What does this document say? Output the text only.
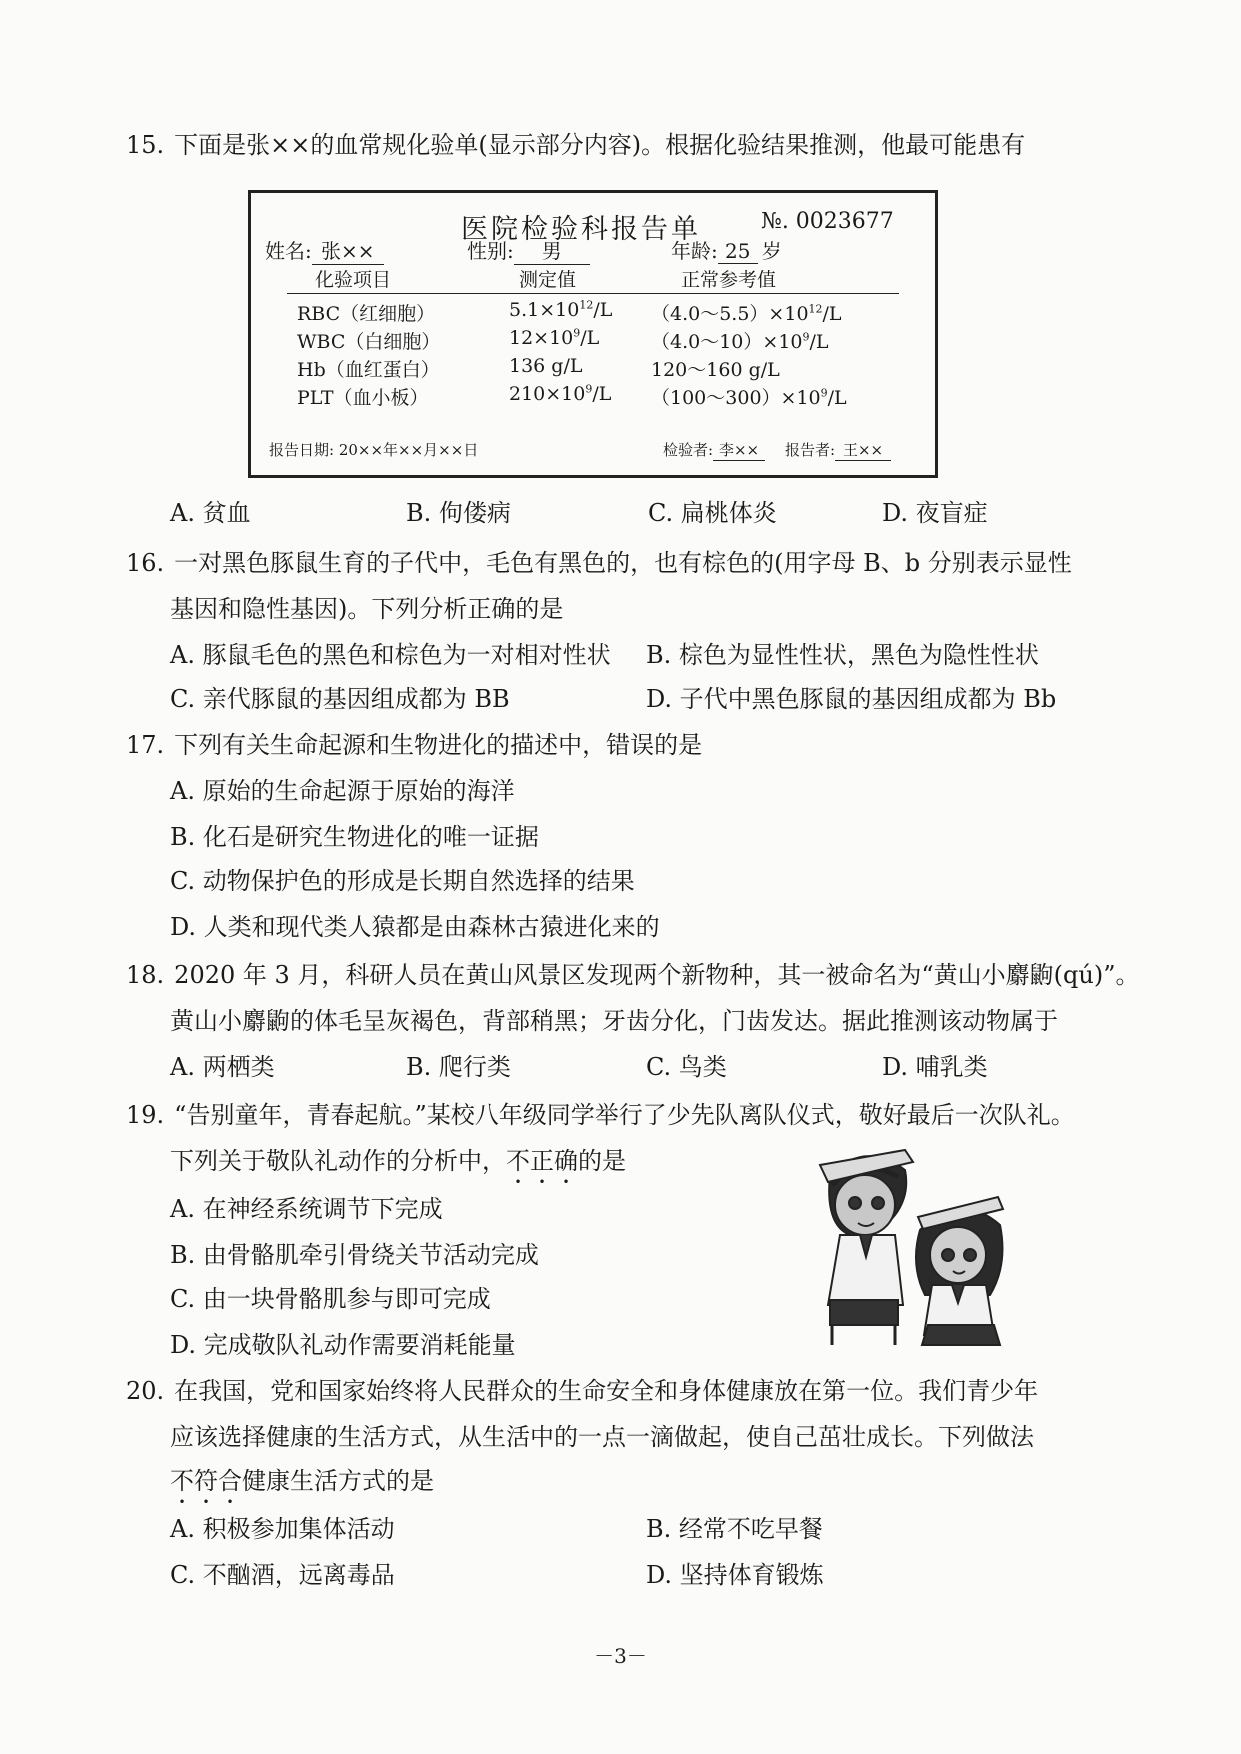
15. 下面是张××的血常规化验单(显示部分内容)。根据化验结果推测，他最可能患有
医院检验科报告单	№. 0023677
姓名: 张××	性别: 男	年龄: 25 岁
化验项目	测定值	正常参考值
RBC（红细胞）	$5.1\times 10^{12}/L$ $(4.0\sim 5.5)\times 10^{12}/L$
WBC（白细胞）	$12\times 10^9/L$	$(4.0\sim 10)\times 10^9/L$
Hb（血红蛋白）	136 g/L	120～160 g/L
PLT（血小板）	$210\times 10^9/L$ $(100\sim 300)\times 10^9/L$
报告日期: 20××年××月××日	检验者: 李××	报告者: 王××
A. 贫血	B. 佝偻病	C. 扁桃体炎	D. 夜盲症
16. 一对黑色豚鼠生育的子代中，毛色有黑色的，也有棕色的(用字母 B、b 分别表示显性
基因和隐性基因)。下列分析正确的是
A. 豚鼠毛色的黑色和棕色为一对相对性状 B. 棕色为显性性状，黑色为隐性性状
C. 亲代豚鼠的基因组成都为 BB	D. 子代中黑色豚鼠的基因组成都为 Bb
17. 下列有关生命起源和生物进化的描述中，错误的是
A. 原始的生命起源于原始的海洋
B. 化石是研究生物进化的唯一证据
C. 动物保护色的形成是长期自然选择的结果
D. 人类和现代类人猿都是由森林古猿进化来的
18. 2020 年 3 月，科研人员在黄山风景区发现两个新物种，其一被命名为“黄山小麝鼩(qú)”。
黄山小麝鼩的体毛呈灰褐色，背部稍黑；牙齿分化，门齿发达。据此推测该动物属于
A. 两栖类	B. 爬行类	C. 鸟类	D. 哺乳类
19. “告别童年，青春起航。”某校八年级同学举行了少先队离队仪式，敬好最后一次队礼。
下列关于敬队礼动作的分析中，不正确的是
A. 在神经系统调节下完成
B. 由骨骼肌牵引骨绕关节活动完成
C. 由一块骨骼肌参与即可完成
D. 完成敬队礼动作需要消耗能量
20. 在我国，党和国家始终将人民群众的生命安全和身体健康放在第一位。我们青少年
应该选择健康的生活方式，从生活中的一点一滴做起，使自己茁壮成长。下列做法
不符合健康生活方式的是
A. 积极参加集体活动	B. 经常不吃早餐
C. 不酗酒，远离毒品	D. 坚持体育锻炼
－3－
